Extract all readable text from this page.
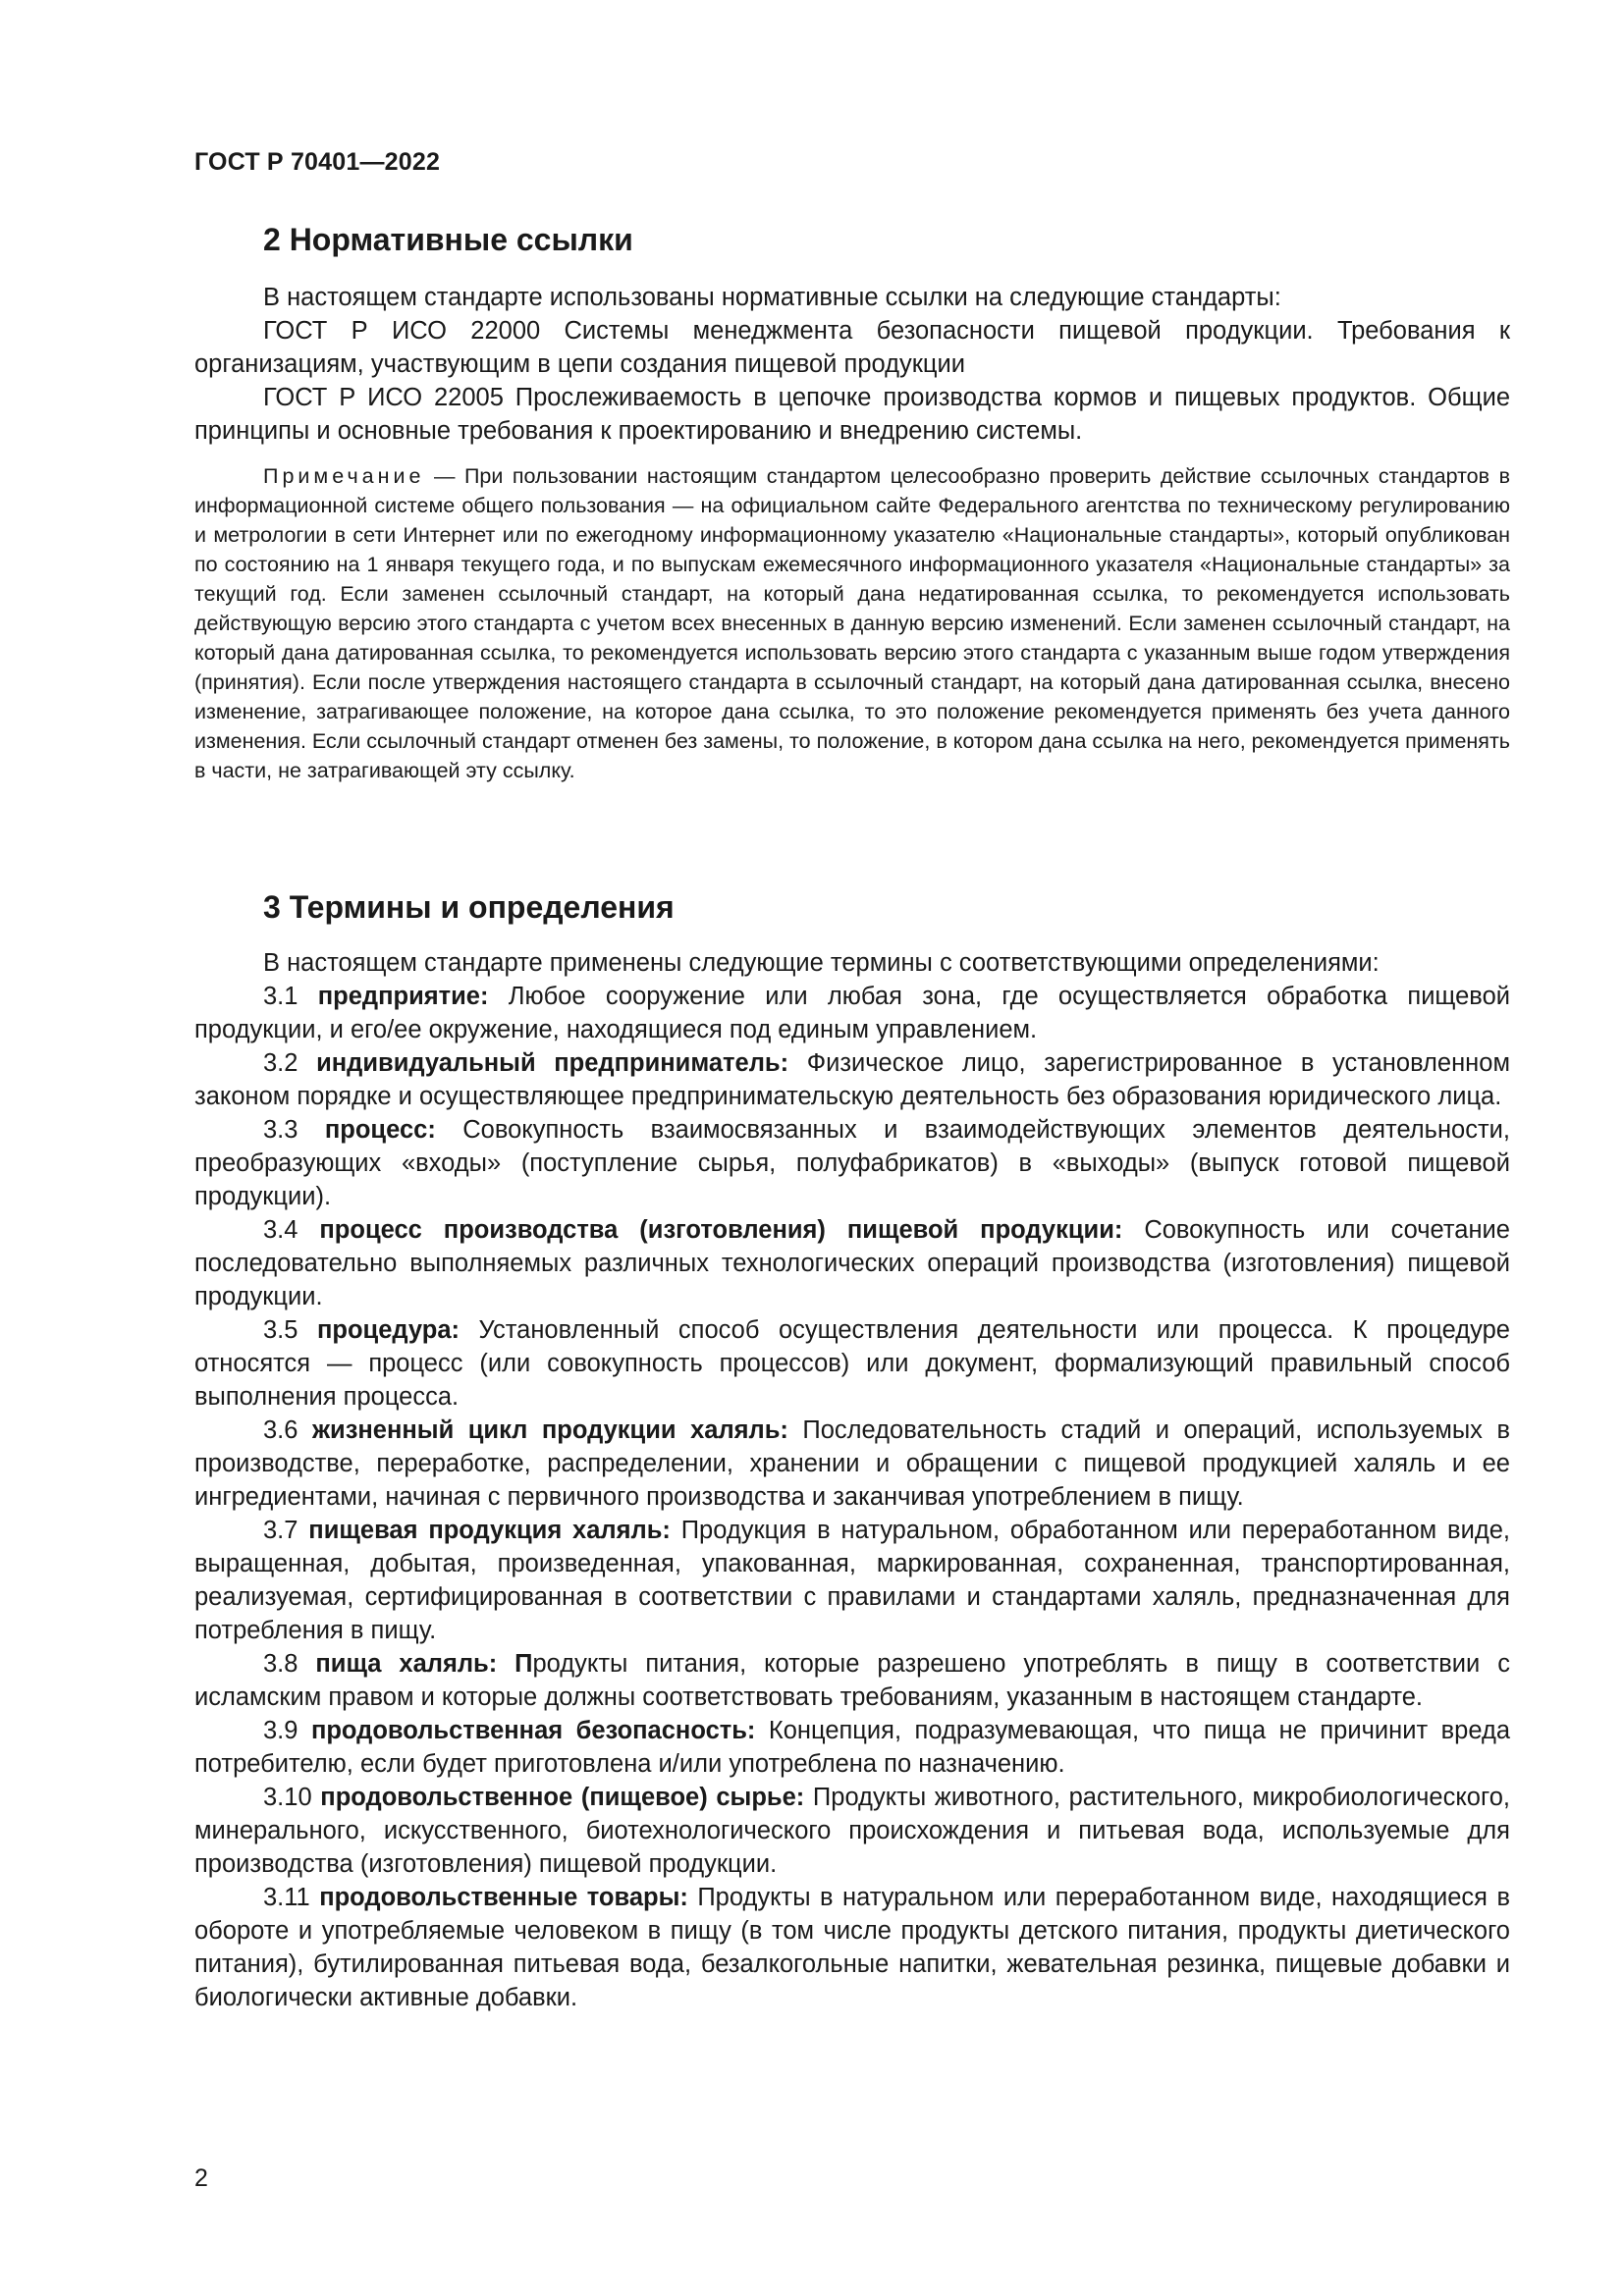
ГОСТ Р 70401—2022
2 Нормативные ссылки

В настоящем стандарте использованы нормативные ссылки на следующие стандарты:

ГОСТ Р ИСО 22000 Системы менеджмента безопасности пищевой продукции. Требования к организациям, участвующим в цепи создания пищевой продукции

ГОСТ Р ИСО 22005 Прослеживаемость в цепочке производства кормов и пищевых продуктов. Общие принципы и основные требования к проектированию и внедрению системы.

Примечание — При пользовании настоящим стандартом целесообразно проверить действие ссылочных стандартов в информационной системе общего пользования — на официальном сайте Федерального агентства по техническому регулированию и метрологии в сети Интернет или по ежегодному информационному указателю «Национальные стандарты», который опубликован по состоянию на 1 января текущего года, и по выпускам ежемесячного информационного указателя «Национальные стандарты» за текущий год. Если заменен ссылочный стандарт, на который дана недатированная ссылка, то рекомендуется использовать действующую версию этого стандарта с учетом всех внесенных в данную версию изменений. Если заменен ссылочный стандарт, на который дана датированная ссылка, то рекомендуется использовать версию этого стандарта с указанным выше годом утверждения (принятия). Если после утверждения настоящего стандарта в ссылочный стандарт, на который дана датированная ссылка, внесено изменение, затрагивающее положение, на которое дана ссылка, то это положение рекомендуется применять без учета данного изменения. Если ссылочный стандарт отменен без замены, то положение, в котором дана ссылка на него, рекомендуется применять в части, не затрагивающей эту ссылку.
3 Термины и определения

В настоящем стандарте применены следующие термины с соответствующими определениями:

3.1 предприятие: Любое сооружение или любая зона, где осуществляется обработка пищевой продукции, и его/ее окружение, находящиеся под единым управлением.

3.2 индивидуальный предприниматель: Физическое лицо, зарегистрированное в установленном законом порядке и осуществляющее предпринимательскую деятельность без образования юридического лица.

3.3 процесс: Совокупность взаимосвязанных и взаимодействующих элементов деятельности, преобразующих «входы» (поступление сырья, полуфабрикатов) в «выходы» (выпуск готовой пищевой продукции).

3.4 процесс производства (изготовления) пищевой продукции: Совокупность или сочетание последовательно выполняемых различных технологических операций производства (изготовления) пищевой продукции.

3.5 процедура: Установленный способ осуществления деятельности или процесса. К процедуре относятся — процесс (или совокупность процессов) или документ, формализующий правильный способ выполнения процесса.

3.6 жизненный цикл продукции халяль: Последовательность стадий и операций, используемых в производстве, переработке, распределении, хранении и обращении с пищевой продукцией халяль и ее ингредиентами, начиная с первичного производства и заканчивая употреблением в пищу.

3.7 пищевая продукция халяль: Продукция в натуральном, обработанном или переработанном виде, выращенная, добытая, произведенная, упакованная, маркированная, сохраненная, транспортированная, реализуемая, сертифицированная в соответствии с правилами и стандартами халяль, предназначенная для потребления в пищу.

3.8 пища халяль: Продукты питания, которые разрешено употреблять в пищу в соответствии с исламским правом и которые должны соответствовать требованиям, указанным в настоящем стандарте.

3.9 продовольственная безопасность: Концепция, подразумевающая, что пища не причинит вреда потребителю, если будет приготовлена и/или употреблена по назначению.

3.10 продовольственное (пищевое) сырье: Продукты животного, растительного, микробиологического, минерального, искусственного, биотехнологического происхождения и питьевая вода, используемые для производства (изготовления) пищевой продукции.

3.11 продовольственные товары: Продукты в натуральном или переработанном виде, находящиеся в обороте и употребляемые человеком в пищу (в том числе продукты детского питания, продукты диетического питания), бутилированная питьевая вода, безалкогольные напитки, жевательная резинка, пищевые добавки и биологически активные добавки.

2
